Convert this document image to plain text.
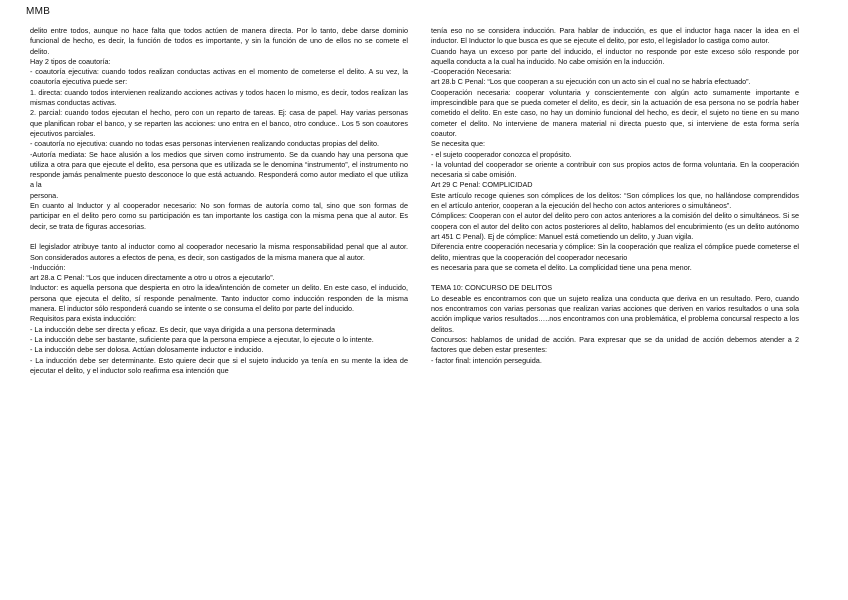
MMB

delito entre todos, aunque no hace falta que todos actúen de manera directa. Por lo tanto, debe darse dominio funcional de hecho, es decir, la función de todos es importante, y sin la función de uno de ellos no se comete el delito.

Hay 2 tipos de coautoría:

- coautoría ejecutiva: cuando todos realizan conductas activas en el momento de cometerse el delito. A su vez, la coautoría ejecutiva puede ser:

1. directa: cuando todos intervienen realizando acciones activas y todos hacen lo mismo, es decir, todos realizan las mismas conductas activas.

2. parcial: cuando todos ejecutan el hecho, pero con un reparto de tareas. Ej: casa de papel. Hay varias personas que planifican robar el banco, y se reparten las acciones: uno entra en el banco, otro conduce.. Los 5 son coautores ejecutivos parciales.

- coautoría no ejecutiva: cuando no todas esas personas intervienen realizando conductas propias del delito.

-Autoría mediata: Se hace alusión a los medios que sirven como instrumento. Se da cuando hay una persona que utiliza a otra para que ejecute el delito, esa persona que es utilizada se le denomina “instrumento”, el instrumento no responde jamás penalmente puesto desconoce lo que está actuando. Responderá como autor mediato el que utiliza a la

persona.

En cuanto al Inductor y al cooperador necesario: No son formas de autoría como tal, sino que son formas de participar en el delito pero como su participación es tan importante los castiga con la misma pena que al autor. Es decir, se trata de figuras accesorias.

El legislador atribuye tanto al inductor como al cooperador necesario la misma responsabilidad penal que al autor. Son considerados autores a efectos de pena, es decir, son castigados de la misma manera que al autor.

-Inducción:

art 28.a C Penal: “Los que inducen directamente a otro u otros a ejecutarlo”.

Inductor: es aquella persona que despierta en otro la idea/intención de cometer un delito. En este caso, el inducido, persona que ejecuta el delito, sí responde penalmente. Tanto inductor como inducción responden de la misma manera. El inductor sólo responderá cuando se intente o se consuma el delito por parte del inducido.

Requisitos para exista inducción:

- La inducción debe ser directa y eficaz. Es decir, que vaya dirigida a una persona determinada

- La inducción debe ser bastante, suficiente para que la persona empiece a ejecutar, lo ejecute o lo intente.

- La inducción debe ser dolosa. Actúan dolosamente inductor e inducido.

- La inducción debe ser determinante. Esto quiere decir que si el sujeto inducido ya tenía en su mente la idea de ejecutar el delito, y el inductor solo reafirma esa intención que

tenía eso no se considera inducción. Para hablar de inducción, es que el inductor haga nacer la idea en el inductor. El Inductor lo que busca es que se ejecute el delito, por esto, el legislador lo castiga como autor.

Cuando haya un exceso por parte del inducido, el inductor no responde por este exceso sólo responde por aquella conducta a la cual ha inducido. No cabe omisión en la inducción.

-Cooperación Necesaria:

art 28.b C Penal: “Los que cooperan a su ejecución con un acto sin el cual no se habría efectuado”.

Cooperación necesaria: cooperar voluntaria y conscientemente con algún acto sumamente importante e imprescindible para que se pueda cometer el delito, es decir, sin la actuación de esa persona no se podría haber cometido el delito. En este caso, no hay un dominio funcional del hecho, es decir, el sujeto no tiene en su mano cometer el delito. No interviene de manera material ni directa puesto que, si interviene de esta forma sería coautor.

Se necesita que:

- el sujeto cooperador conozca el propósito.

- la voluntad del cooperador se oriente a contribuir con sus propios actos de forma voluntaria. En la cooperación necesaria si cabe omisión.

Art 29 C Penal: COMPLICIDAD

Este artículo recoge quienes son cómplices de los delitos: “Son cómplices los que, no hallándose comprendidos en el artículo anterior, cooperan a la ejecución del hecho con actos anteriores o simultáneos”.

Cómplices: Cooperan con el autor del delito pero con actos anteriores a la comisión del delito o simultáneos. Si se coopera con el autor del delito con actos posteriores al delito, hablamos del encubrimiento (es un delito autónomo art 451 C Penal). Ej de cómplice: Manuel está cometiendo un delito, y Juan vigila.

Diferencia entre cooperación necesaria y cómplice: Sin la cooperación que realiza el cómplice puede cometerse el delito, mientras que la cooperación del cooperador necesario

es necesaria para que se cometa el delito. La complicidad tiene una pena menor.

TEMA 10: CONCURSO DE DELITOS

Lo deseable es encontrarnos con que un sujeto realiza una conducta que deriva en un resultado. Pero, cuando nos encontramos con varias personas que realizan varias acciones que deriven en varios resultados o una sola acción implique varios resultados…..nos encontramos con una problemática, el problema concursal respecto a los delitos.

Concursos: hablamos de unidad de acción. Para expresar que se da unidad de acción debemos atender a 2 factores que deben estar presentes:

- factor final: intención perseguida.
